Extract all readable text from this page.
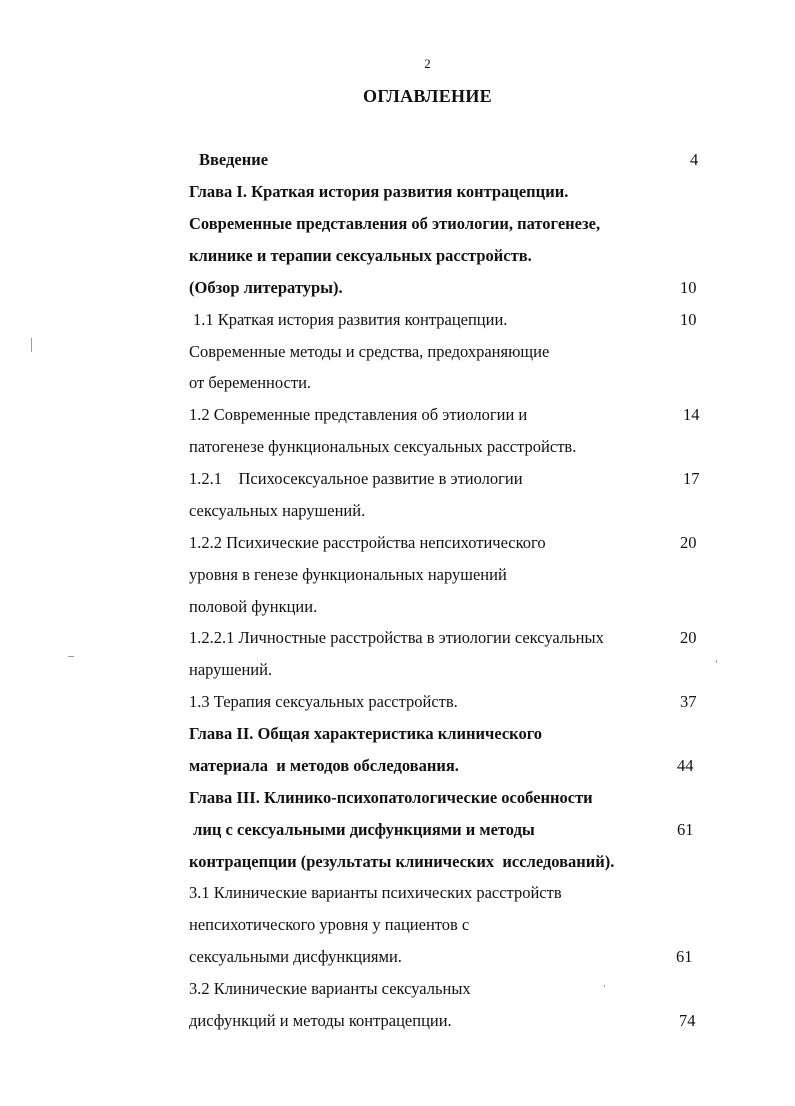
2
ОГЛАВЛЕНИЕ
Введение	4
Глава I. Краткая история развития контрацепции.
Современные представления об этиологии, патогенезе,
клинике и терапии сексуальных расстройств.
(Обзор литературы).	10
1.1 Краткая история развития контрацепции.	10
Современные методы и средства, предохраняющие
от беременности.
1.2 Современные представления об этиологии и	14
патогенезе функциональных сексуальных расстройств.
1.2.1    Психосексуальное развитие в этиологии	17
сексуальных нарушений.
1.2.2 Психические расстройства непсихотического	20
уровня в генезе функциональных нарушений
половой функции.
1.2.2.1 Личностные расстройства в этиологии сексуальных	20
нарушений.
1.3 Терапия сексуальных расстройств.	37
Глава II. Общая характеристика клинического
материала  и методов обследования.	44
Глава III. Клинико-психопатологические особенности
лиц с сексуальными дисфункциями и методы	61
контрацепции (результаты клинических  исследований).
3.1 Клинические варианты психических расстройств
непсихотического уровня у пациентов с
сексуальными дисфункциями.	61
3.2 Клинические варианты сексуальных
дисфункций и методы контрацепции.	74
